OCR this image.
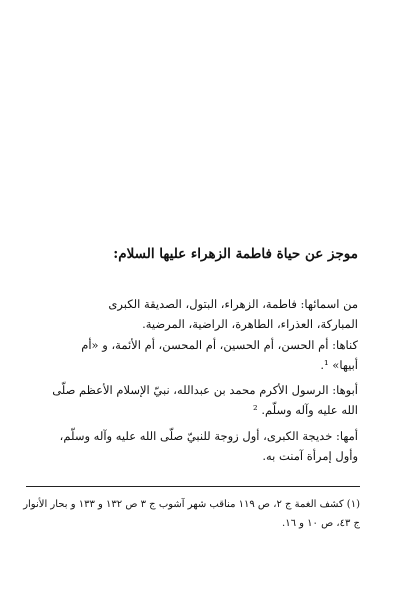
موجز عن حياة فاطمة الزهراء عليها السلام:
من اسمائها: فاطمة، الزهراء، البتول، الصديقة الكبرى
المباركة، العذراء، الطاهرة، الراضية، المرضية.
كناها: أم الحسن، أم الحسين، أم المحسن، أم الأئمة، و «أم
أبيها» ¹.
أبوها: الرسول الأكرم محمد بن عبدالله، نبيّ الإسلام الأعظم صلّى
الله عليه وآله وسلّم. ²
أمها: خديجة الكبرى، أول زوجة للنبيّ صلّى الله عليه وآله وسلّم،
وأول إمرأة آمنت به.
(١) كشف الغمة ج ٢، ص ١١٩ مناقب شهر آشوب ج ٣ ص ١٣٢ و ١٣٣ و بحار الأنوار
ج ٤٣، ص ١٠ و ١٦.
